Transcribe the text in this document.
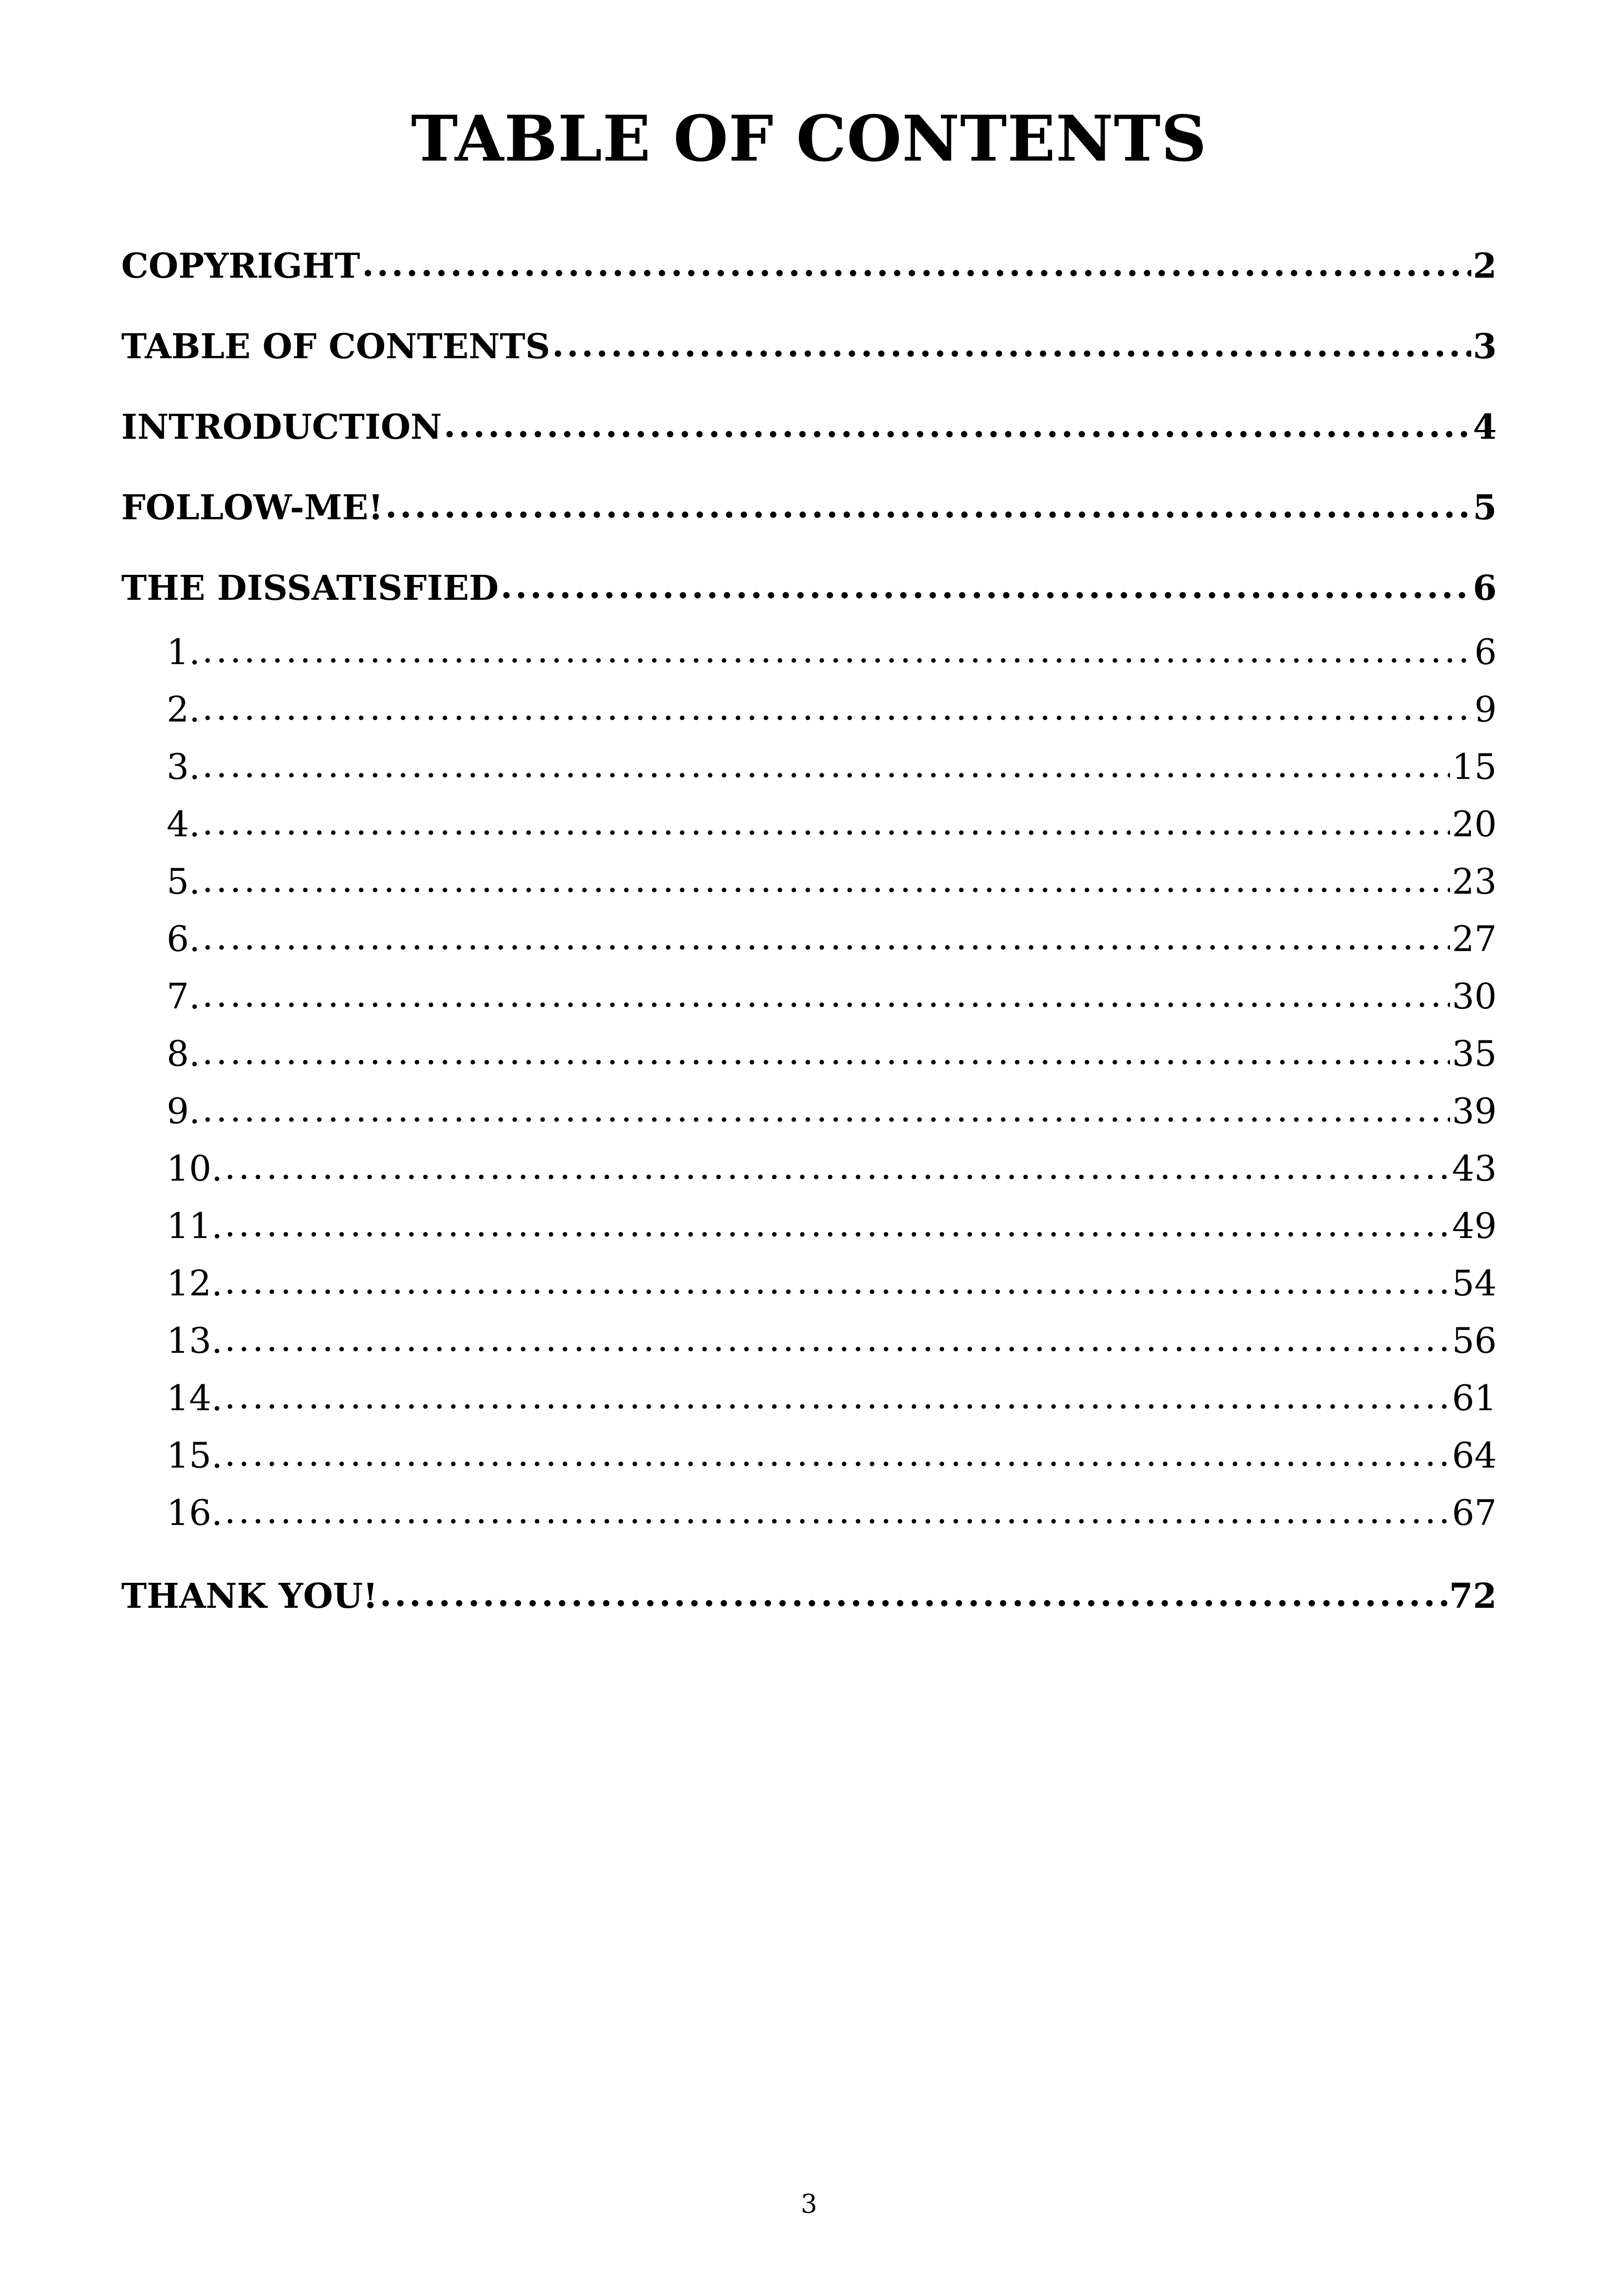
TABLE OF CONTENTS
COPYRIGHT .....	2
TABLE OF CONTENTS .....	3
INTRODUCTION .....	4
FOLLOW-ME! .....	5
THE DISSATISFIED .....	6
1. .....	6
2. .....	9
3. .....	15
4. .....	20
5. .....	23
6. .....	27
7. .....	30
8. .....	35
9. .....	39
10. .....	43
11. .....	49
12. .....	54
13. .....	56
14. .....	61
15. .....	64
16. .....	67
THANK YOU! .....	72
3
